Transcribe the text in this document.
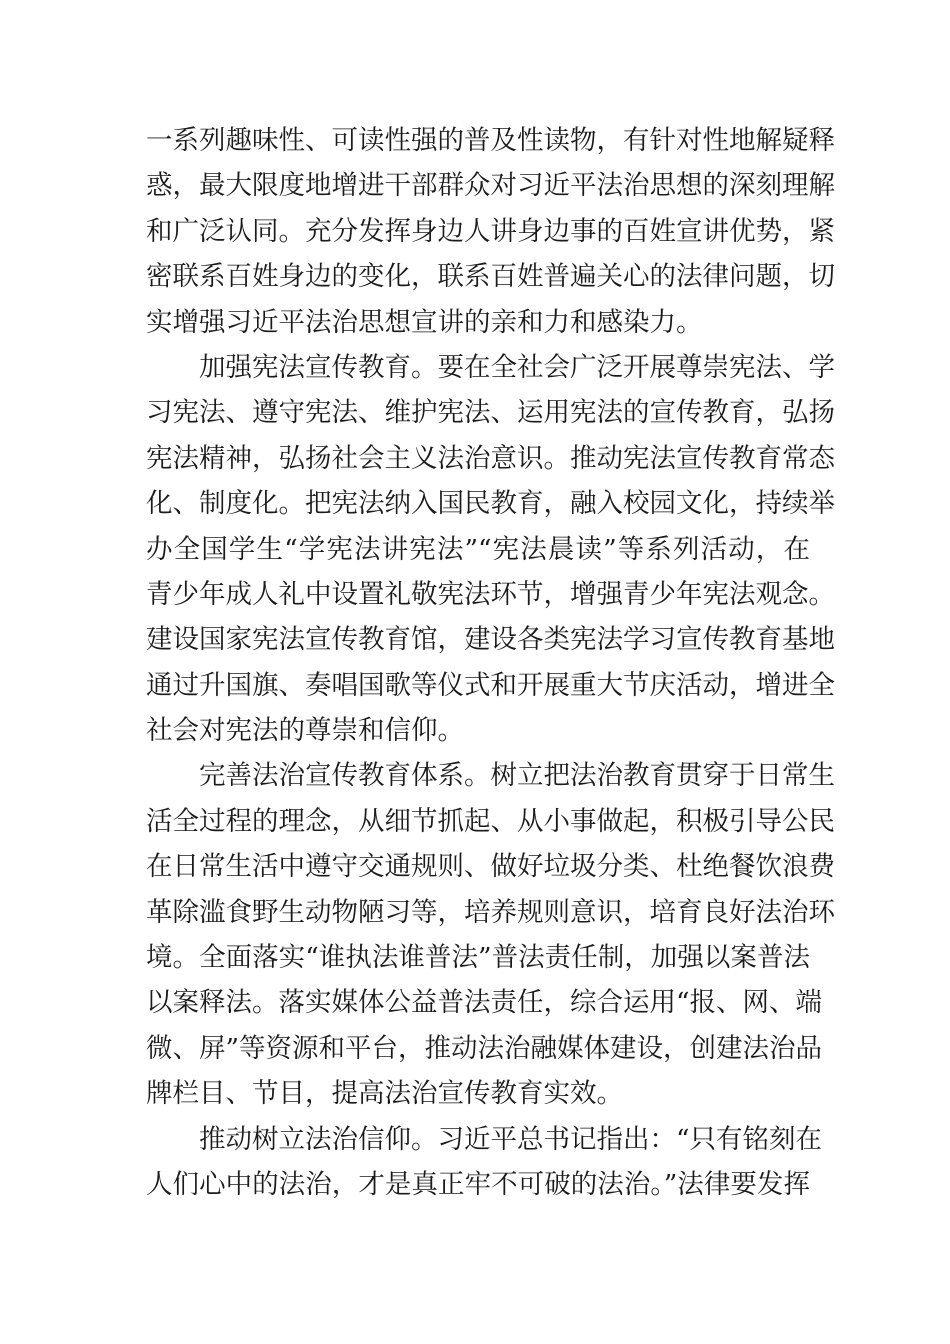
一系列趣味性、可读性强的普及性读物，有针对性地解疑释
惑，最大限度地增进干部群众对习近平法治思想的深刻理解
和广泛认同。充分发挥身边人讲身边事的百姓宣讲优势，紧
密联系百姓身边的变化，联系百姓普遍关心的法律问题，切
实增强习近平法治思想宣讲的亲和力和感染力。
加强宪法宣传教育。要在全社会广泛开展尊崇宪法、学
习宪法、遵守宪法、维护宪法、运用宪法的宣传教育，弘扬
宪法精神，弘扬社会主义法治意识。推动宪法宣传教育常态
化、制度化。把宪法纳入国民教育，融入校园文化，持续举
办全国学生“学宪法讲宪法”“宪法晨读”等系列活动，在
青少年成人礼中设置礼敬宪法环节，增强青少年宪法观念。
建设国家宪法宣传教育馆，建设各类宪法学习宣传教育基地
通过升国旗、奏唱国歌等仪式和开展重大节庆活动，增进全
社会对宪法的尊崇和信仰。
完善法治宣传教育体系。树立把法治教育贯穿于日常生
活全过程的理念，从细节抓起、从小事做起，积极引导公民
在日常生活中遵守交通规则、做好垃圾分类、杜绝餐饮浪费
革除滥食野生动物陋习等，培养规则意识，培育良好法治环
境。全面落实“谁执法谁普法”普法责任制，加强以案普法
以案释法。落实媒体公益普法责任，综合运用“报、网、端
微、屏”等资源和平台，推动法治融媒体建设，创建法治品
牌栏目、节目，提高法治宣传教育实效。
推动树立法治信仰。习近平总书记指出：“只有铭刻在
人们心中的法治，才是真正牢不可破的法治。”法律要发挥
